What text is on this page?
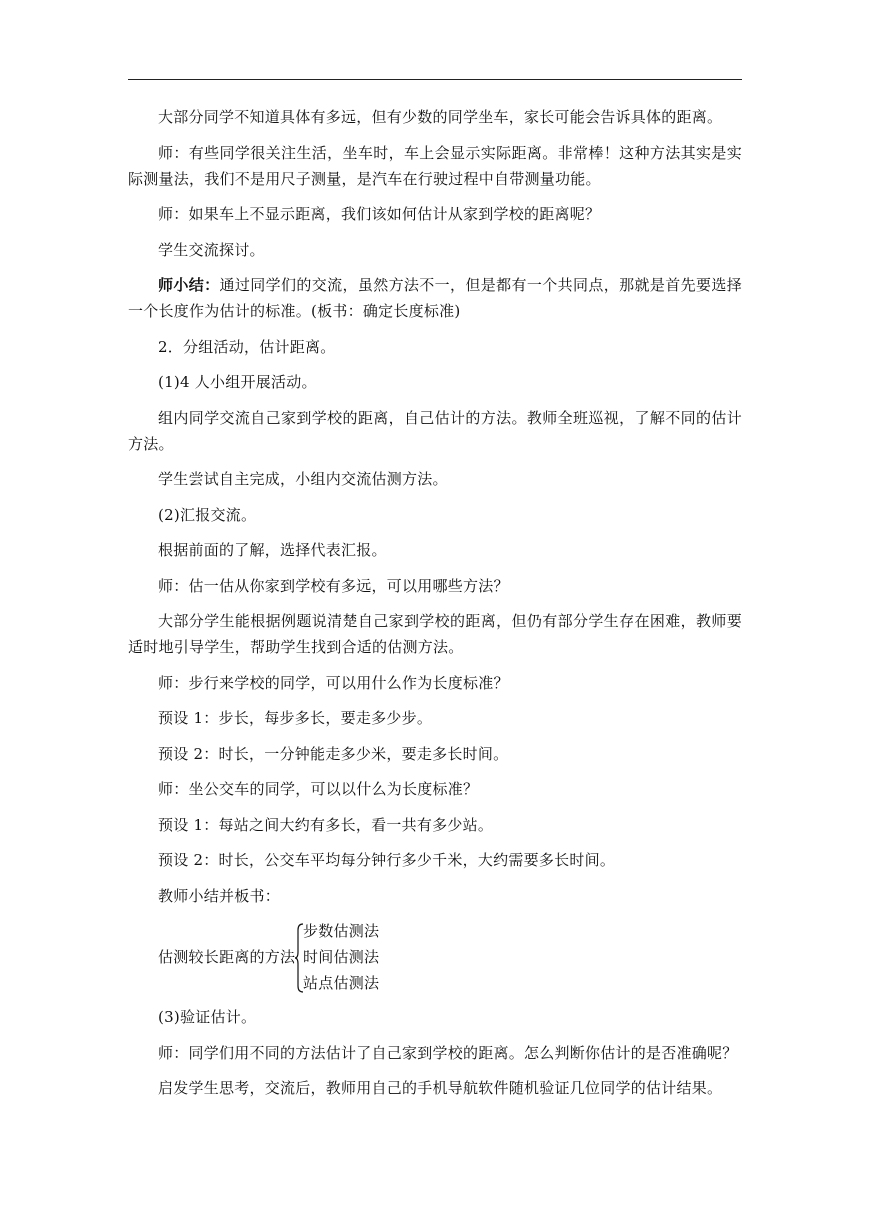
大部分同学不知道具体有多远，但有少数的同学坐车，家长可能会告诉具体的距离。

师：有些同学很关注生活，坐车时，车上会显示实际距离。非常棒！这种方法其实是实际测量法，我们不是用尺子测量，是汽车在行驶过程中自带测量功能。

师：如果车上不显示距离，我们该如何估计从家到学校的距离呢？

学生交流探讨。

师小结：通过同学们的交流，虽然方法不一，但是都有一个共同点，那就是首先要选择一个长度作为估计的标准。(板书：确定长度标准)

2．分组活动，估计距离。

(1)4 人小组开展活动。

组内同学交流自己家到学校的距离，自己估计的方法。教师全班巡视，了解不同的估计方法。

学生尝试自主完成，小组内交流估测方法。

(2)汇报交流。

根据前面的了解，选择代表汇报。

师：估一估从你家到学校有多远，可以用哪些方法？

大部分学生能根据例题说清楚自己家到学校的距离，但仍有部分学生存在困难，教师要适时地引导学生，帮助学生找到合适的估测方法。

师：步行来学校的同学，可以用什么作为长度标准？

预设 1：步长，每步多长，要走多少步。

预设 2：时长，一分钟能走多少米，要走多长时间。

师：坐公交车的同学，可以以什么为长度标准？

预设 1：每站之间大约有多长，看一共有多少站。

预设 2：时长，公交车平均每分钟行多少千米，大约需要多长时间。

教师小结并板书：

估测较长距离的方法
步数估测法
时间估测法
站点估测法

(3)验证估计。

师：同学们用不同的方法估计了自己家到学校的距离。怎么判断你估计的是否准确呢？

启发学生思考，交流后，教师用自己的手机导航软件随机验证几位同学的估计结果。
